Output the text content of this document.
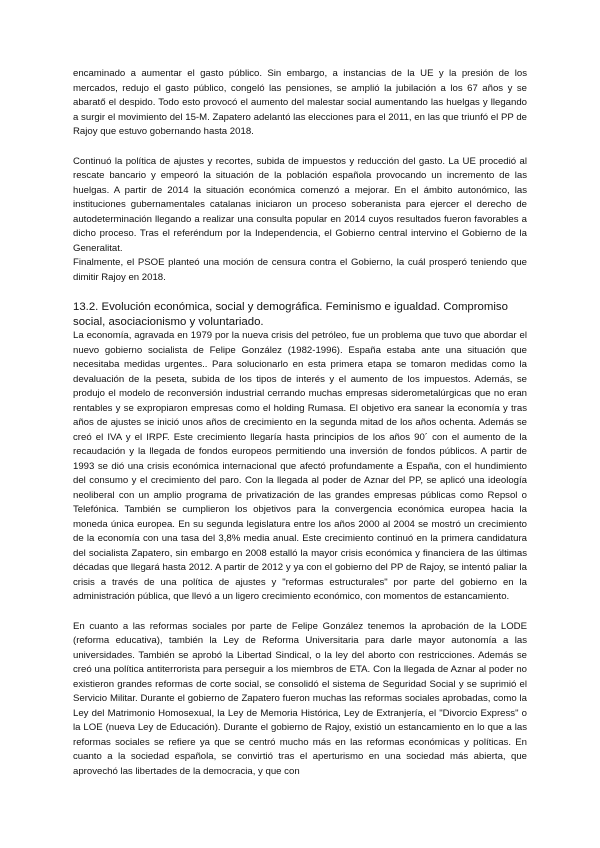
encaminado a aumentar el gasto público. Sin embargo, a instancias de la UE y la presión de los mercados, redujo el gasto público, congeló las pensiones, se amplió la jubilación a los 67 años y se abaratő el despido. Todo esto provocó el aumento del malestar social aumentando las huelgas y llegando a surgir el movimiento del 15-M. Zapatero adelantó las elecciones para el 2011, en las que triunfó el PP de Rajoy que estuvo gobernando hasta 2018.

Continuó la política de ajustes y recortes, subida de impuestos y reducción del gasto. La UE procedió al rescate bancario y empeoró la situación de la población española provocando un incremento de las huelgas. A partir de 2014 la situación económica comenzó a mejorar. En el ámbito autonómico, las instituciones gubernamentales catalanas iniciaron un proceso soberanista para ejercer el derecho de autodeterminación llegando a realizar una consulta popular en 2014 cuyos resultados fueron favorables a dicho proceso. Tras el referéndum por la Independencia, el Gobierno central intervino el Gobierno de la Generalitat.

Finalmente, el PSOE planteó una moción de censura contra el Gobierno, la cuál prosperó teniendo que dimitir Rajoy en 2018.

13.2. Evolución económica, social y demográfica. Feminismo e igualdad. Compromiso social, asociacionismo y voluntariado.

La economía, agravada en 1979 por la nueva crisis del petróleo, fue un problema que tuvo que abordar el nuevo gobierno socialista de Felipe González (1982-1996). España estaba ante una situación que necesitaba medidas urgentes.. Para solucionarlo en esta primera etapa se tomaron medidas como la devaluación de la peseta, subida de los tipos de interés y el aumento de los impuestos. Además, se produjo el modelo de reconversión industrial cerrando muchas empresas siderometalúrgicas que no eran rentables y se expropiaron empresas como el holding Rumasa. El objetivo era sanear la economía y tras años de ajustes se inició unos años de crecimiento en la segunda mitad de los años ochenta. Además se creó el IVA y el IRPF. Este crecimiento llegaría hasta principios de los años 90´ con el aumento de la recaudación y la llegada de fondos europeos permitiendo una inversión de fondos públicos. A partir de 1993 se dió una crisis económica internacional que afectó profundamente a España, con el hundimiento del consumo y el crecimiento del paro. Con la llegada al poder de Aznar del PP, se aplicó una ideología neoliberal con un amplio programa de privatización de las grandes empresas públicas como Repsol o Telefónica. También se cumplieron los objetivos para la convergencia económica europea hacia la moneda única europea. En su segunda legislatura entre los años 2000 al 2004 se mostró un crecimiento de la economía con una tasa del 3,8% media anual. Este crecimiento continuó en la primera candidatura del socialista Zapatero, sin embargo en 2008 estalló la mayor crisis económica y financiera de las últimas décadas que llegará hasta 2012. A partir de 2012 y ya con el gobierno del PP de Rajoy, se intentó paliar la crisis a través de una política de ajustes y "reformas estructurales" por parte del gobierno en la administración pública, que llevó a un ligero crecimiento económico, con momentos de estancamiento.

En cuanto a las reformas sociales por parte de Felipe González tenemos la aprobación de la LODE (reforma educativa), también la Ley de Reforma Universitaria para darle mayor autonomía a las universidades. También se aprobó la Libertad Sindical, o la ley del aborto con restricciones. Además se creó una política antiterrorista para perseguir a los miembros de ETA. Con la llegada de Aznar al poder no existieron grandes reformas de corte social, se consolidó el sistema de Seguridad Social y se suprimió el Servicio Militar. Durante el gobierno de Zapatero fueron muchas las reformas sociales aprobadas, como la Ley del Matrimonio Homosexual, la Ley de Memoria Histórica, Ley de Extranjería, el "Divorcio Express" o la LOE (nueva Ley de Educación). Durante el gobierno de Rajoy, existió un estancamiento en lo que a las reformas sociales se refiere ya que se centró mucho más en las reformas económicas y políticas. En cuanto a la sociedad española, se convirtió tras el aperturismo en una sociedad más abierta, que aprovechó las libertades de la democracia, y que con
